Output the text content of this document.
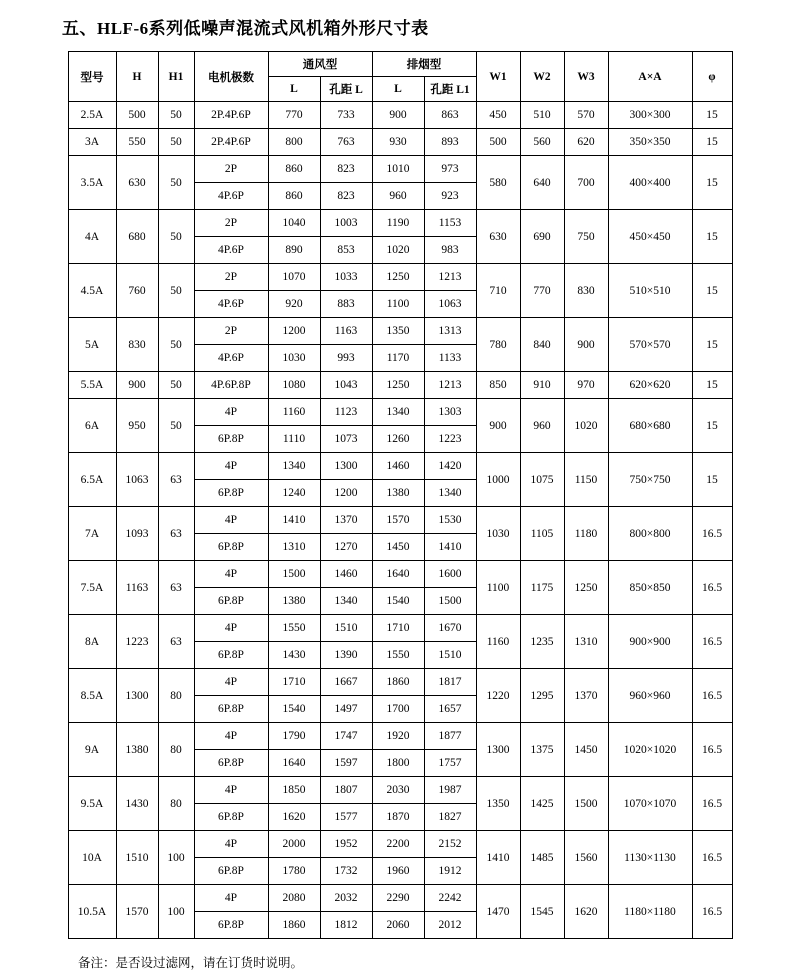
五、HLF-6系列低噪声混流式风机箱外形尺寸表
型号	H	H1	电机极数	通风型		排烟型		W1	W2	W3	A×A	φ
				L	孔距 L	L	孔距 L1					
2.5A	500	50	2P.4P.6P	770	733	900	863	450	510	570	300×300	15
3A	550	50	2P.4P.6P	800	763	930	893	500	560	620	350×350	15
3.5A	630	50	2P	860	823	1010	973	580	640	700	400×400	15
			4P.6P	860	823	960	923					
4A	680	50	2P	1040	1003	1190	1153	630	690	750	450×450	15
			4P.6P	890	853	1020	983					
4.5A	760	50	2P	1070	1033	1250	1213	710	770	830	510×510	15
			4P.6P	920	883	1100	1063					
5A	830	50	2P	1200	1163	1350	1313	780	840	900	570×570	15
			4P.6P	1030	993	1170	1133					
5.5A	900	50	4P.6P.8P	1080	1043	1250	1213	850	910	970	620×620	15
6A	950	50	4P	1160	1123	1340	1303	900	960	1020	680×680	15
			6P.8P	1110	1073	1260	1223					
6.5A	1063	63	4P	1340	1300	1460	1420	1000	1075	1150	750×750	15
			6P.8P	1240	1200	1380	1340					
7A	1093	63	4P	1410	1370	1570	1530	1030	1105	1180	800×800	16.5
			6P.8P	1310	1270	1450	1410					
7.5A	1163	63	4P	1500	1460	1640	1600	1100	1175	1250	850×850	16.5
			6P.8P	1380	1340	1540	1500					
8A	1223	63	4P	1550	1510	1710	1670	1160	1235	1310	900×900	16.5
			6P.8P	1430	1390	1550	1510					
8.5A	1300	80	4P	1710	1667	1860	1817	1220	1295	1370	960×960	16.5
			6P.8P	1540	1497	1700	1657					
9A	1380	80	4P	1790	1747	1920	1877	1300	1375	1450	1020×1020	16.5
			6P.8P	1640	1597	1800	1757					
9.5A	1430	80	4P	1850	1807	2030	1987	1350	1425	1500	1070×1070	16.5
			6P.8P	1620	1577	1870	1827					
10A	1510	100	4P	2000	1952	2200	2152	1410	1485	1560	1130×1130	16.5
			6P.8P	1780	1732	1960	1912					
10.5A	1570	100	4P	2080	2032	2290	2242	1470	1545	1620	1180×1180	16.5
			6P.8P	1860	1812	2060	2012					
备注：是否设过滤网，请在订货时说明。
